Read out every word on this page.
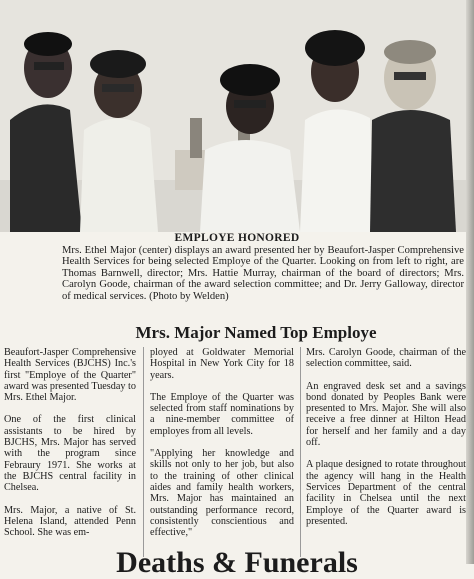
EMPLOYE HONORED
Mrs. Ethel Major (center) displays an award presented her by Beaufort-Jasper Comprehensive Health Services for being selected Employe of the Quarter. Looking on from left to right, are Thomas Barnwell, director; Mrs. Hattie Murray, chairman of the board of directors; Mrs. Carolyn Goode, chairman of the award selection committee; and Dr. Jerry Galloway, director of medical services. (Photo by Welden)
Mrs. Major Named Top Employe

Beaufort-Jasper Comprehensive Health Services (BJCHS) Inc.'s first "Employe of the Quarter" award was presented Tuesday to Mrs. Ethel Major.

One of the first clinical assistants to be hired by BJCHS, Mrs. Major has served with the program since Febraury 1971. She works at the BJCHS central facility in Chelsea.

Mrs. Major, a native of St. Helena Island, attended Penn School. She was em-

ployed at Goldwater Memorial Hospital in New York City for 18 years.

The Employe of the Quarter was selected from staff nominations by a nine-member committee of employes from all levels.

"Applying her knowledge and skills not only to her job, but also to the training of other clinical aides and family health workers, Mrs. Major has maintained an outstanding performance record, consistently conscientious and effective,"

Mrs. Carolyn Goode, chairman of the selection committee, said.

An engraved desk set and a savings bond donated by Peoples Bank were presented to Mrs. Major. She will also receive a free dinner at Hilton Head for herself and her family and a day off.

A plaque designed to rotate throughout the agency will hang in the Health Services Department of the central facility in Chelsea until the next Employe of the Quarter award is presented.

Deaths & Funerals
